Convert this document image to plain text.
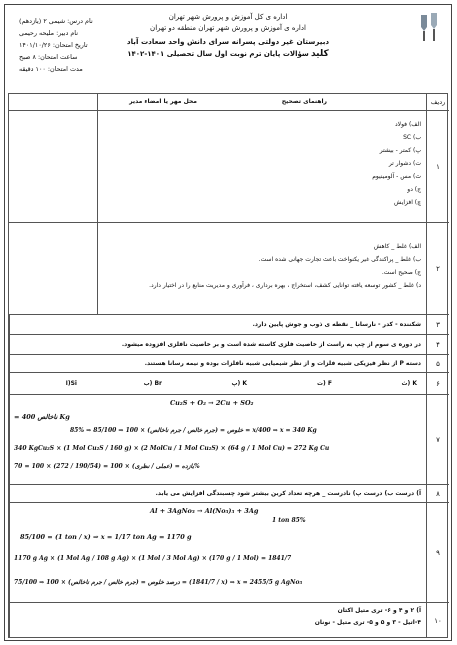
اداره ی کل آموزش و پرورش شهر تهران
اداره ی آموزش و پرورش شهر تهران منطقه دو تهران
دبیرستان غیر دولتی پسرانه سرای دانش واحد سعادت آباد
کلید سؤالات پایان ترم نوبت اول سال تحصیلی ۱۴۰۱-۱۴۰۲
نام درس: شیمی ۲ (یازدهم)
نام دبیر: ملیحه رحیمی
تاریخ امتحان: ۱۴۰۱/۱۰/۲۶
ساعت امتحان: ۸ صبح
مدت امتحان: ۱۰۰ دقیقه
ردیف
راهنمای تصحیح
محل مهر یا امضاء مدیر
۱
الف) فولاد
ب) SC
پ) کمتر - بیشتر
ت) دشوار تر
ث) مس - آلومینیوم
ج) دو
چ) افزایش
۲
الف) غلط _ کاهش
ب) غلط _ پراکندگی غیر یکنواخت باعث تجارت جهانی شده است.
ج) صحیح است.
د) غلط _ کشور توسعه یافته توانایی کشف، استخراج ، بهره برداری ، فرآوری و مدیریت منابع را در اختیار دارد.
۳
شکننده - کدر - نارسانا _ نقطه ی ذوب و جوش پایین دارد.
۴
در دوره ی سوم از چپ به راست از خاصیت فلزی کاسته شده است و بر خاصیت نافلزی افزوده میشود.
۵
دسته P از نظر فیزیکی شبیه فلزات و از نظر شیمیایی شبیه نافلزات بوده و نیمه رسانا هستند.
۶
K (ث
F (ت
K (پ
Br (ب
Si(ا
۷
Cu₂S + O₂ → 2Cu + SO₂
= ناخالص 400 Kg
85% ⇒ خلوص = (جرم خالص / جرم ناخالص) × 100 ⇒ 85/100 = x/400 ⇒ x = 340 Kg
340 KgCu₂S × (1 Mol Cu₂S / 160 g) × (2 MolCu / 1 Mol Cu₂S) × (64 g / 1 Mol Cu) = 272 Kg Cu
بازده = (عملی / نظری) × 100 = (190/54 / 272) × 100 = 70%
۸
آ) درست ب) درست پ) نادرست _ هرچه تعداد کربن بیشتر شود چسبندگی افزایش می یابد.
۹
Al + 3AgNo₃ → Al(No₃)₃ + 3Ag
1 ton 85%
85/100 = (1 ton / x) ⇒ x = 1/17 ton Ag = 1170 g
1170 g Ag × (1 Mol Ag / 108 g Ag) × (1 Mol / 3 Mol Ag) × (170 g / 1 Mol) = 1841/7
درصد خلوص = (جرم خالص / جرم ناخالص) × 100 ⇒ 75/100 = (1841/7 / x) ⇒ x = 2455/5 g AgNo₃
۱۰
آ) ۲ و ۴ و ۶- تری متیل اکتان
۴-اتیل - ۳ و ۵ و ۵- تری متیل - نونان
